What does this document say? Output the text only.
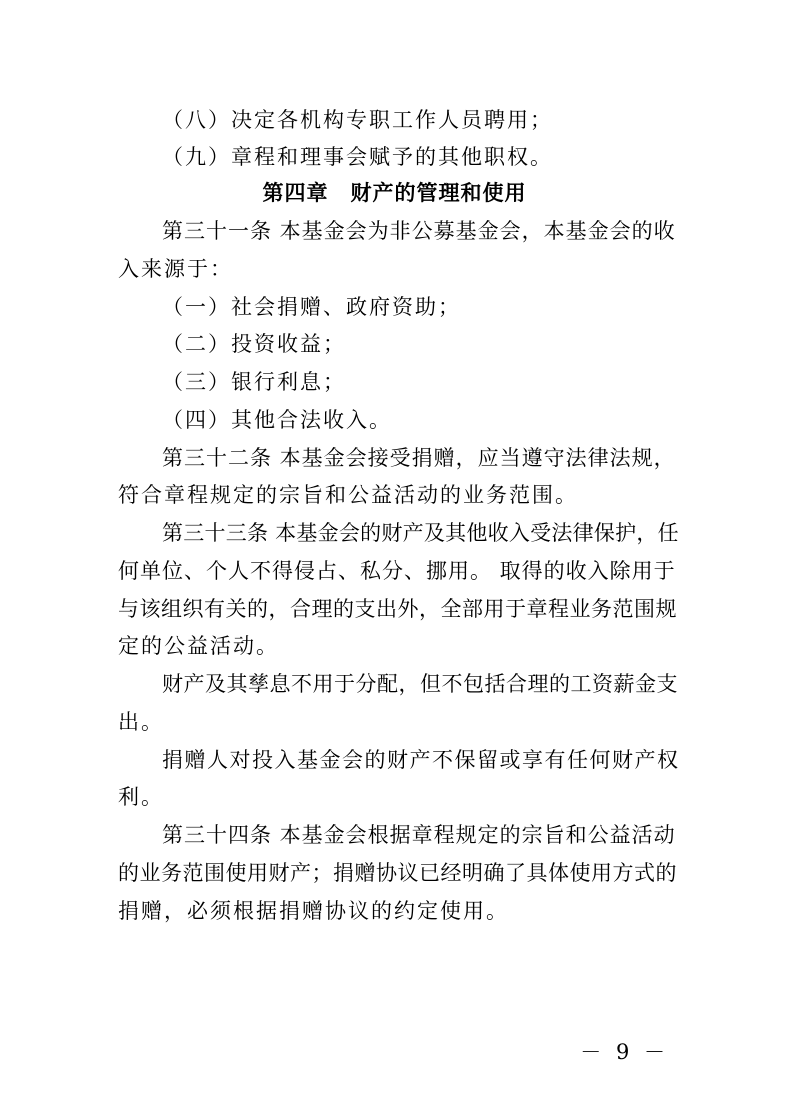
（八）决定各机构专职工作人员聘用；
（九）章程和理事会赋予的其他职权。
第四章　财产的管理和使用
第三十一条 本基金会为非公募基金会，本基金会的收
入来源于：
（一）社会捐赠、政府资助；
（二）投资收益；
（三）银行利息；
（四）其他合法收入。
第三十二条 本基金会接受捐赠，应当遵守法律法规，
符合章程规定的宗旨和公益活动的业务范围。
第三十三条 本基金会的财产及其他收入受法律保护，任
何单位、个人不得侵占、私分、挪用。 取得的收入除用于
与该组织有关的，合理的支出外，全部用于章程业务范围规
定的公益活动。
财产及其孳息不用于分配，但不包括合理的工资薪金支
出。
捐赠人对投入基金会的财产不保留或享有任何财产权
利。
第三十四条 本基金会根据章程规定的宗旨和公益活动
的业务范围使用财产；捐赠协议已经明确了具体使用方式的
捐赠，必须根据捐赠协议的约定使用。
－ 9 －
